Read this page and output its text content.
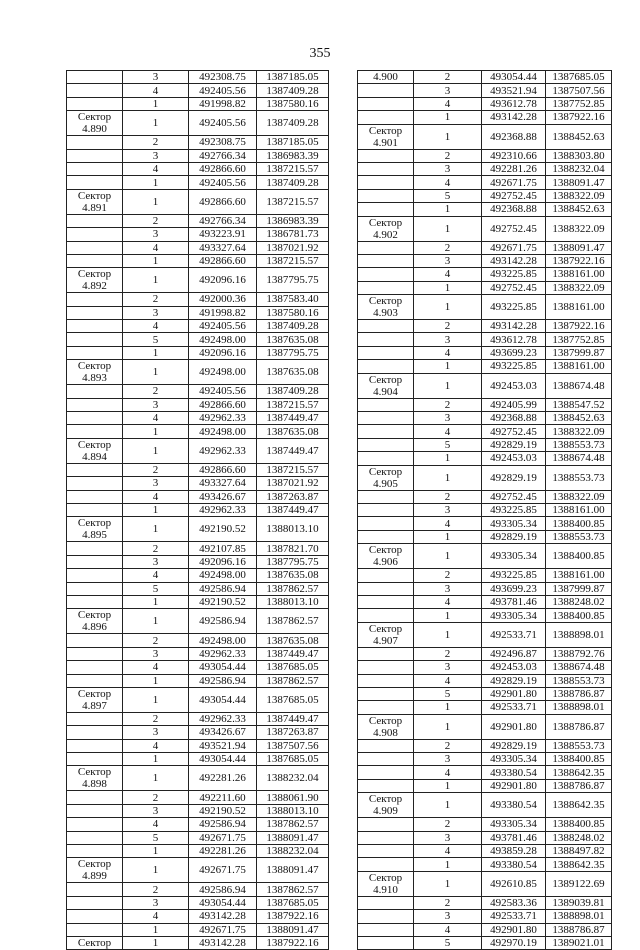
355
	3	492308.75	1387185.05
	4	492405.56	1387409.28
	1	491998.82	1387580.16

Сектор
4.890	1	492405.56	1387409.28
	2	492308.75	1387185.05
	3	492766.34	1386983.39
	4	492866.60	1387215.57
	1	492405.56	1387409.28

Сектор
4.891	1	492866.60	1387215.57
	2	492766.34	1386983.39
	3	493223.91	1386781.73
	4	493327.64	1387021.92
	1	492866.60	1387215.57

Сектор
4.892	1	492096.16	1387795.75
	2	492000.36	1387583.40
	3	491998.82	1387580.16
	4	492405.56	1387409.28
	5	492498.00	1387635.08
	1	492096.16	1387795.75

Сектор
4.893	1	492498.00	1387635.08
	2	492405.56	1387409.28
	3	492866.60	1387215.57
	4	492962.33	1387449.47
	1	492498.00	1387635.08

Сектор
4.894	1	492962.33	1387449.47
	2	492866.60	1387215.57
	3	493327.64	1387021.92
	4	493426.67	1387263.87
	1	492962.33	1387449.47

Сектор
4.895	1	492190.52	1388013.10
	2	492107.85	1387821.70
	3	492096.16	1387795.75
	4	492498.00	1387635.08
	5	492586.94	1387862.57
	1	492190.52	1388013.10

Сектор
4.896	1	492586.94	1387862.57
	2	492498.00	1387635.08
	3	492962.33	1387449.47
	4	493054.44	1387685.05
	1	492586.94	1387862.57

Сектор
4.897	1	493054.44	1387685.05
	2	492962.33	1387449.47
	3	493426.67	1387263.87
	4	493521.94	1387507.56
	1	493054.44	1387685.05

Сектор
4.898	1	492281.26	1388232.04
	2	492211.60	1388061.90
	3	492190.52	1388013.10
	4	492586.94	1387862.57
	5	492671.75	1388091.47
	1	492281.26	1388232.04

Сектор
4.899	1	492671.75	1388091.47
	2	492586.94	1387862.57
	3	493054.44	1387685.05
	4	493142.28	1387922.16
	1	492671.75	1388091.47
Сектор	1	493142.28	1387922.16
4.900	2	493054.44	1387685.05
	3	493521.94	1387507.56
	4	493612.78	1387752.85
	1	493142.28	1387922.16

Сектор
4.901	1	492368.88	1388452.63
	2	492310.66	1388303.80
	3	492281.26	1388232.04
	4	492671.75	1388091.47
	5	492752.45	1388322.09
	1	492368.88	1388452.63

Сектор
4.902	1	492752.45	1388322.09
	2	492671.75	1388091.47
	3	493142.28	1387922.16
	4	493225.85	1388161.00
	1	492752.45	1388322.09

Сектор
4.903	1	493225.85	1388161.00
	2	493142.28	1387922.16
	3	493612.78	1387752.85
	4	493699.23	1387999.87
	1	493225.85	1388161.00

Сектор
4.904	1	492453.03	1388674.48
	2	492405.99	1388547.52
	3	492368.88	1388452.63
	4	492752.45	1388322.09
	5	492829.19	1388553.73
	1	492453.03	1388674.48

Сектор
4.905	1	492829.19	1388553.73
	2	492752.45	1388322.09
	3	493225.85	1388161.00
	4	493305.34	1388400.85
	1	492829.19	1388553.73

Сектор
4.906	1	493305.34	1388400.85
	2	493225.85	1388161.00
	3	493699.23	1387999.87
	4	493781.46	1388248.02
	1	493305.34	1388400.85

Сектор
4.907	1	492533.71	1388898.01
	2	492496.87	1388792.76
	3	492453.03	1388674.48
	4	492829.19	1388553.73
	5	492901.80	1388786.87
	1	492533.71	1388898.01

Сектор
4.908	1	492901.80	1388786.87
	2	492829.19	1388553.73
	3	493305.34	1388400.85
	4	493380.54	1388642.35
	1	492901.80	1388786.87

Сектор
4.909	1	493380.54	1388642.35
	2	493305.34	1388400.85
	3	493781.46	1388248.02
	4	493859.28	1388497.82
	1	493380.54	1388642.35

Сектор
4.910	1	492610.85	1389122.69
	2	492583.36	1389039.81
	3	492533.71	1388898.01
	4	492901.80	1388786.87
	5	492970.19	1389021.01
